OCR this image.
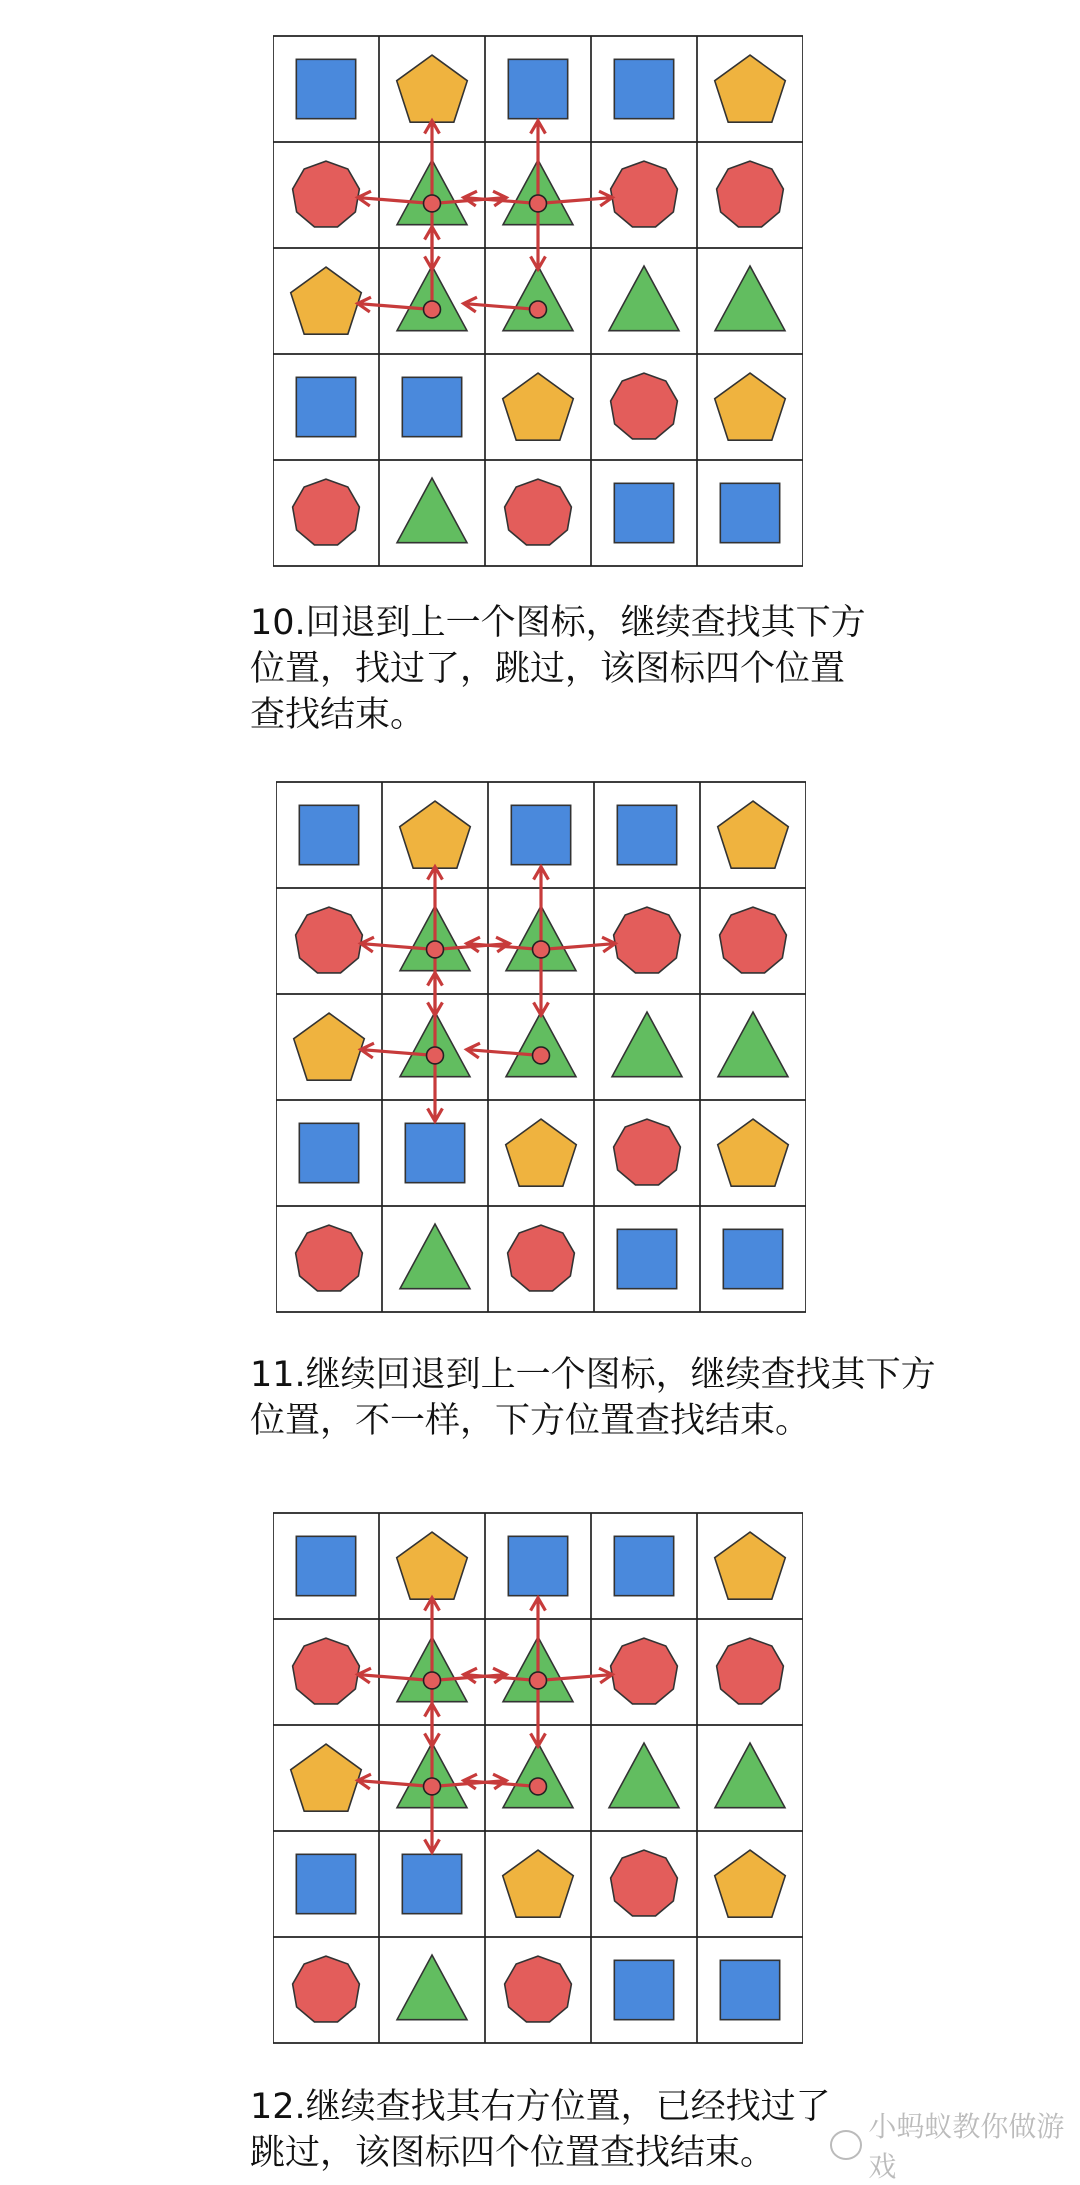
10.回退到上一个图标，继续查找其下方
位置，找过了，跳过，该图标四个位置
查找结束。

11.继续回退到上一个图标，继续查找其下方
位置，不一样，下方位置查找结束。

12.继续查找其右方位置，已经找过了
跳过，该图标四个位置查找结束。

小蚂蚁教你做游戏
